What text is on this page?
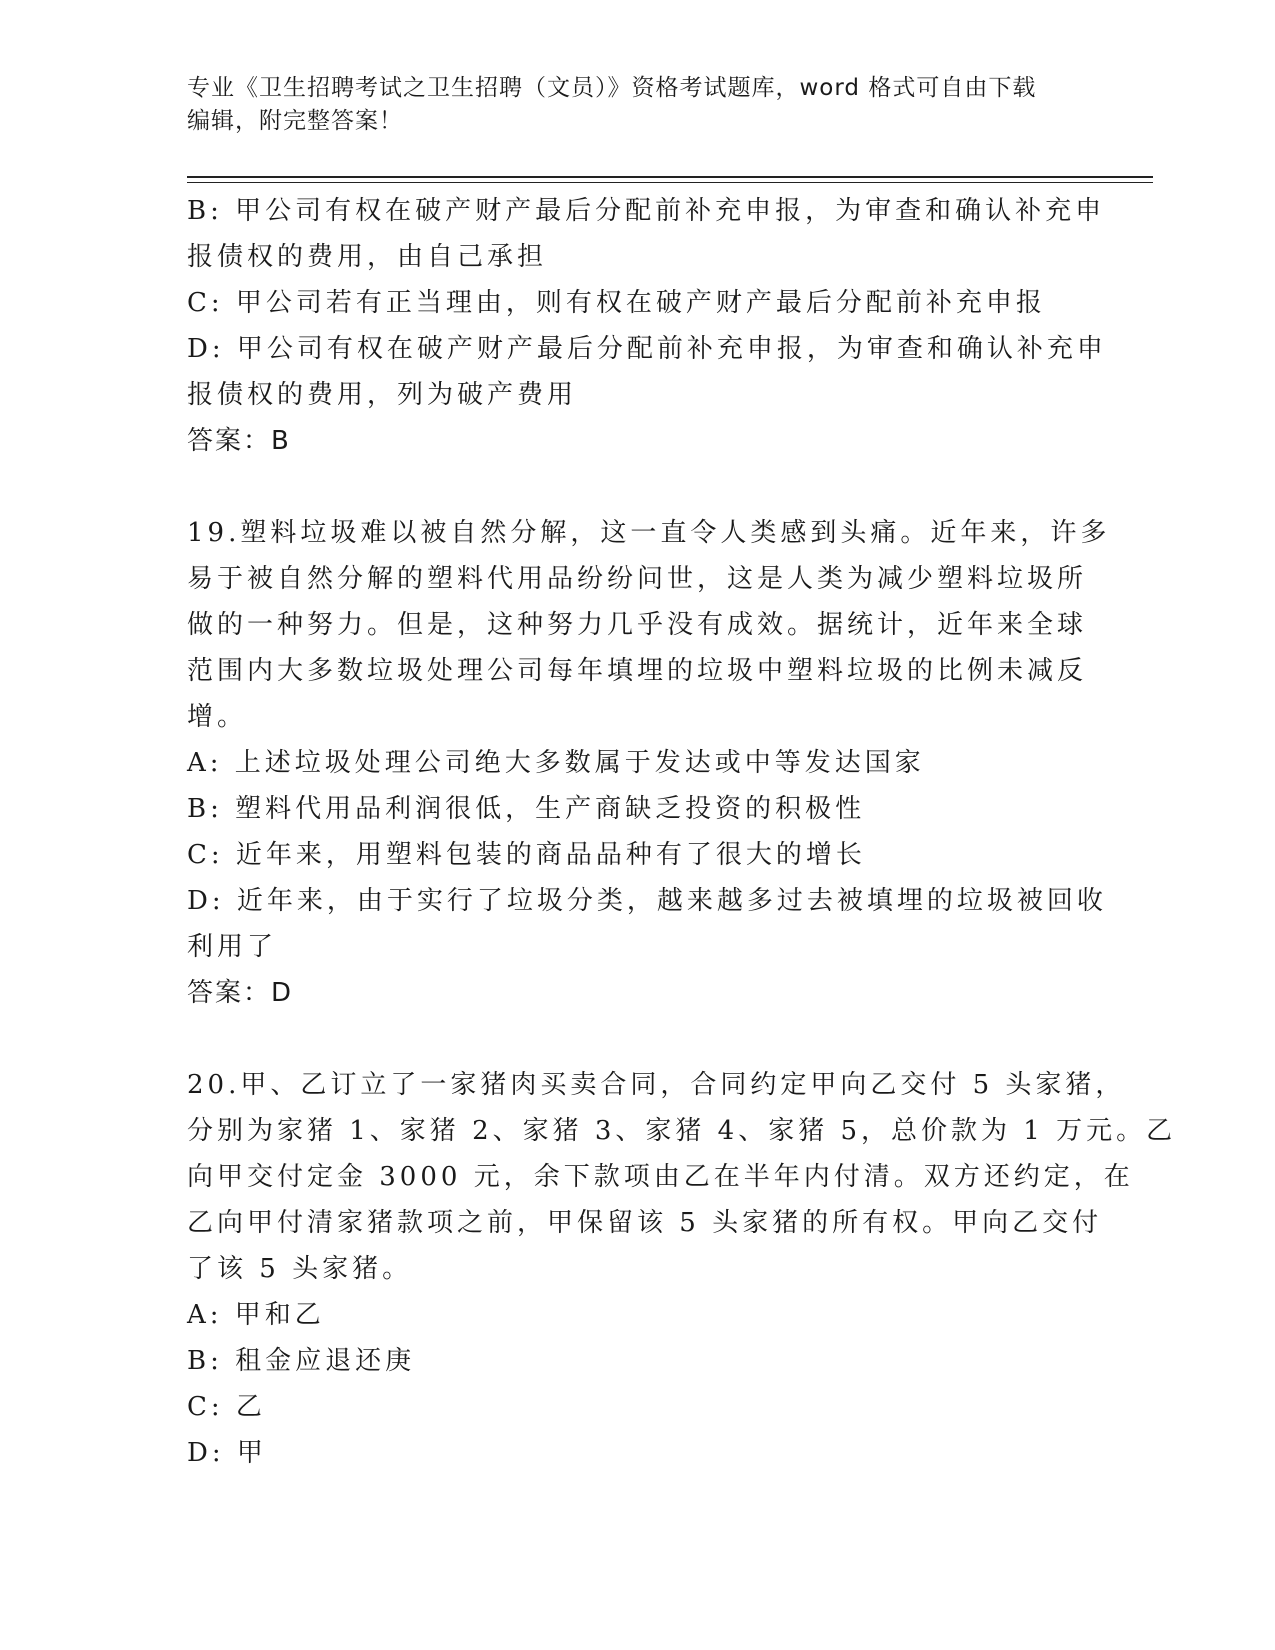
专业《卫生招聘考试之卫生招聘（文员）》资格考试题库，word 格式可自由下载
编辑，附完整答案！
B: 甲公司有权在破产财产最后分配前补充申报，为审查和确认补充申
报债权的费用，由自己承担
C: 甲公司若有正当理由，则有权在破产财产最后分配前补充申报
D: 甲公司有权在破产财产最后分配前补充申报，为审查和确认补充申
报债权的费用，列为破产费用
答案：B
19.塑料垃圾难以被自然分解，这一直令人类感到头痛。近年来，许多
易于被自然分解的塑料代用品纷纷问世，这是人类为减少塑料垃圾所
做的一种努力。但是，这种努力几乎没有成效。据统计，近年来全球
范围内大多数垃圾处理公司每年填埋的垃圾中塑料垃圾的比例未减反
增。
A: 上述垃圾处理公司绝大多数属于发达或中等发达国家
B: 塑料代用品利润很低，生产商缺乏投资的积极性
C: 近年来，用塑料包装的商品品种有了很大的增长
D: 近年来，由于实行了垃圾分类，越来越多过去被填埋的垃圾被回收
利用了
答案：D
20.甲、乙订立了一家猪肉买卖合同，合同约定甲向乙交付 5 头家猪，
分别为家猪 1、家猪 2、家猪 3、家猪 4、家猪 5，总价款为 1 万元。乙
向甲交付定金 3000 元，余下款项由乙在半年内付清。双方还约定，在
乙向甲付清家猪款项之前，甲保留该 5 头家猪的所有权。甲向乙交付
了该 5 头家猪。
A: 甲和乙
B: 租金应退还庚
C: 乙
D: 甲
